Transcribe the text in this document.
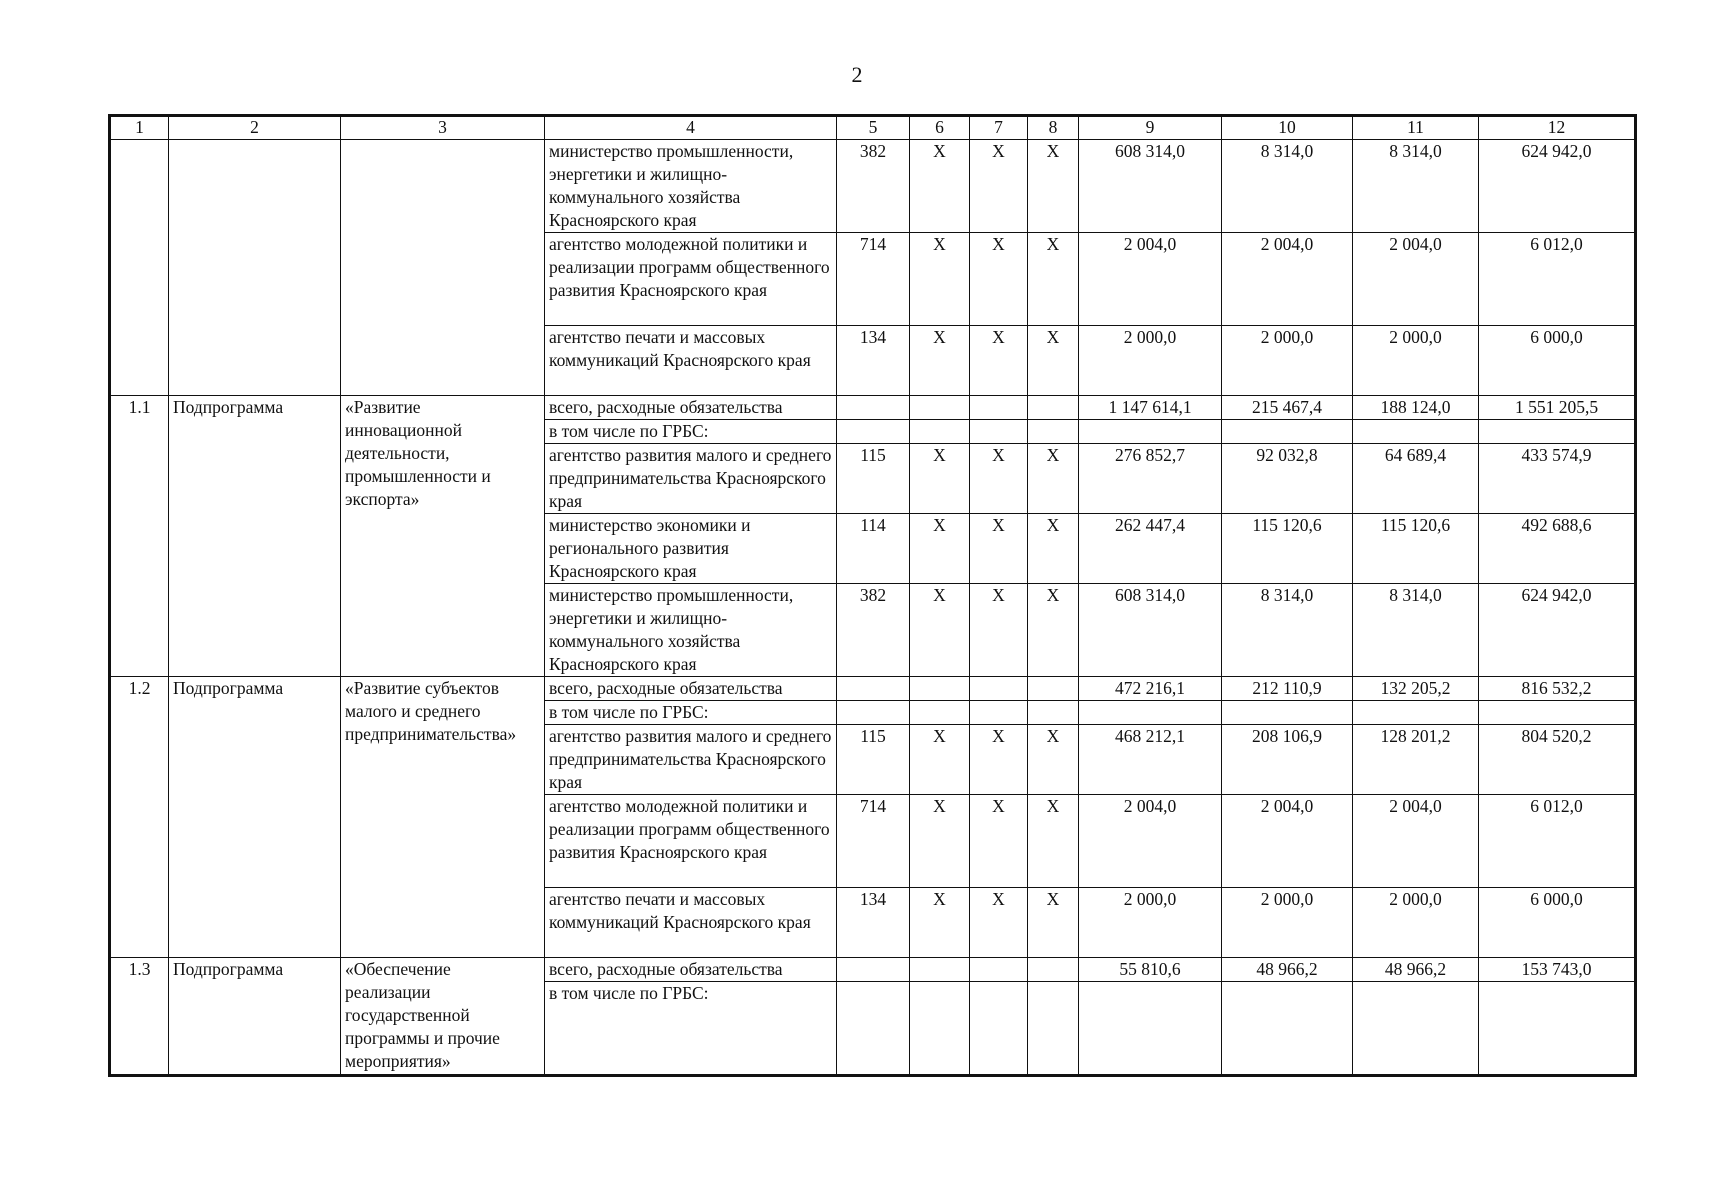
2
1	2	3	4	5	6	7	8	9	10	11	12
			министерство промышленности, энергетики и жилищно-коммунального хозяйства Красноярского края	382	Х	Х	Х	608 314,0	8 314,0	8 314,0	624 942,0
			агентство молодежной политики и реализации программ общественного развития Красноярского края	714	Х	Х	Х	2 004,0	2 004,0	2 004,0	6 012,0
			агентство печати и массовых коммуникаций Красноярского края	134	Х	Х	Х	2 000,0	2 000,0	2 000,0	6 000,0
1.1	Подпрограмма	«Развитие инновационной деятельности, промышленности и экспорта»	всего, расходные обязательства					1 147 614,1	215 467,4	188 124,0	1 551 205,5
			в том числе по ГРБС:								
			агентство развития малого и среднего предпринимательства Красноярского края	115	Х	Х	Х	276 852,7	92 032,8	64 689,4	433 574,9
			министерство экономики и регионального развития Красноярского края	114	Х	Х	Х	262 447,4	115 120,6	115 120,6	492 688,6
			министерство промышленности, энергетики и жилищно-коммунального хозяйства Красноярского края	382	Х	Х	Х	608 314,0	8 314,0	8 314,0	624 942,0
1.2	Подпрограмма	«Развитие субъектов малого и среднего предпринимательства»	всего, расходные обязательства					472 216,1	212 110,9	132 205,2	816 532,2
			в том числе по ГРБС:								
			агентство развития малого и среднего предпринимательства Красноярского края	115	Х	Х	Х	468 212,1	208 106,9	128 201,2	804 520,2
			агентство молодежной политики и реализации программ общественного развития Красноярского края	714	Х	Х	Х	2 004,0	2 004,0	2 004,0	6 012,0
			агентство печати и массовых коммуникаций Красноярского края	134	Х	Х	Х	2 000,0	2 000,0	2 000,0	6 000,0
1.3	Подпрограмма	«Обеспечение реализации государственной программы и прочие мероприятия»	всего, расходные обязательства					55 810,6	48 966,2	48 966,2	153 743,0
			в том числе по ГРБС:								
